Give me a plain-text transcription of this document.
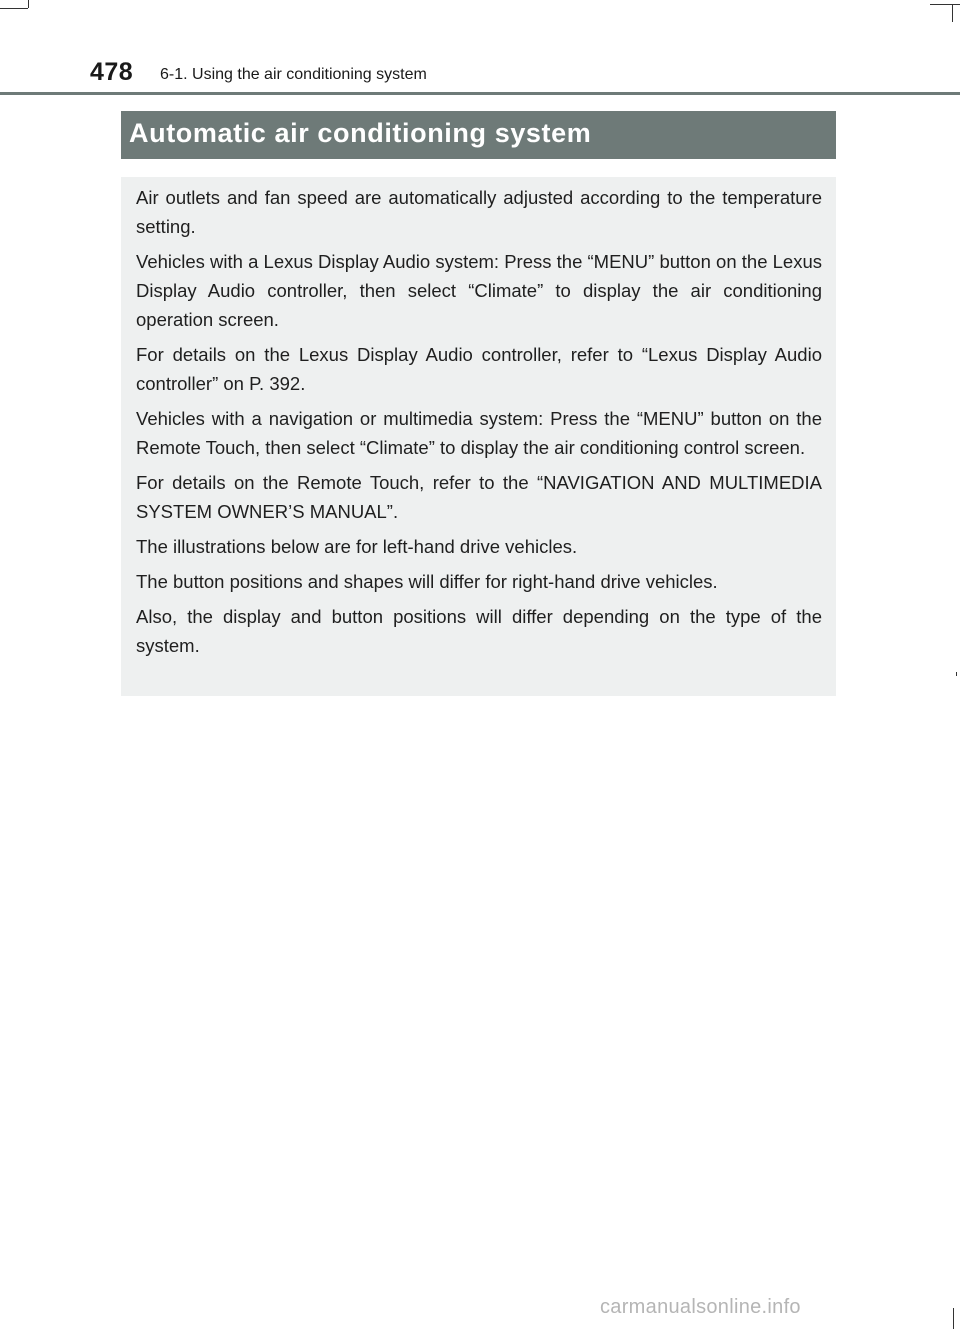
478 6-1. Using the air conditioning system
Automatic air conditioning system

Air outlets and fan speed are automatically adjusted according to the temperature setting.

Vehicles with a Lexus Display Audio system: Press the “MENU” button on the Lexus Display Audio controller, then select “Climate” to display the air conditioning operation screen.

For details on the Lexus Display Audio controller, refer to “Lexus Display Audio controller” on P. 392.

Vehicles with a navigation or multimedia system: Press the “MENU” button on the Remote Touch, then select “Climate” to display the air conditioning control screen.

For details on the Remote Touch, refer to the “NAVIGATION AND MULTIMEDIA SYSTEM OWNER’S MANUAL”.

The illustrations below are for left-hand drive vehicles.

The button positions and shapes will differ for right-hand drive vehicles.

Also, the display and button positions will differ depending on the type of the system.

carmanualsonline.info
